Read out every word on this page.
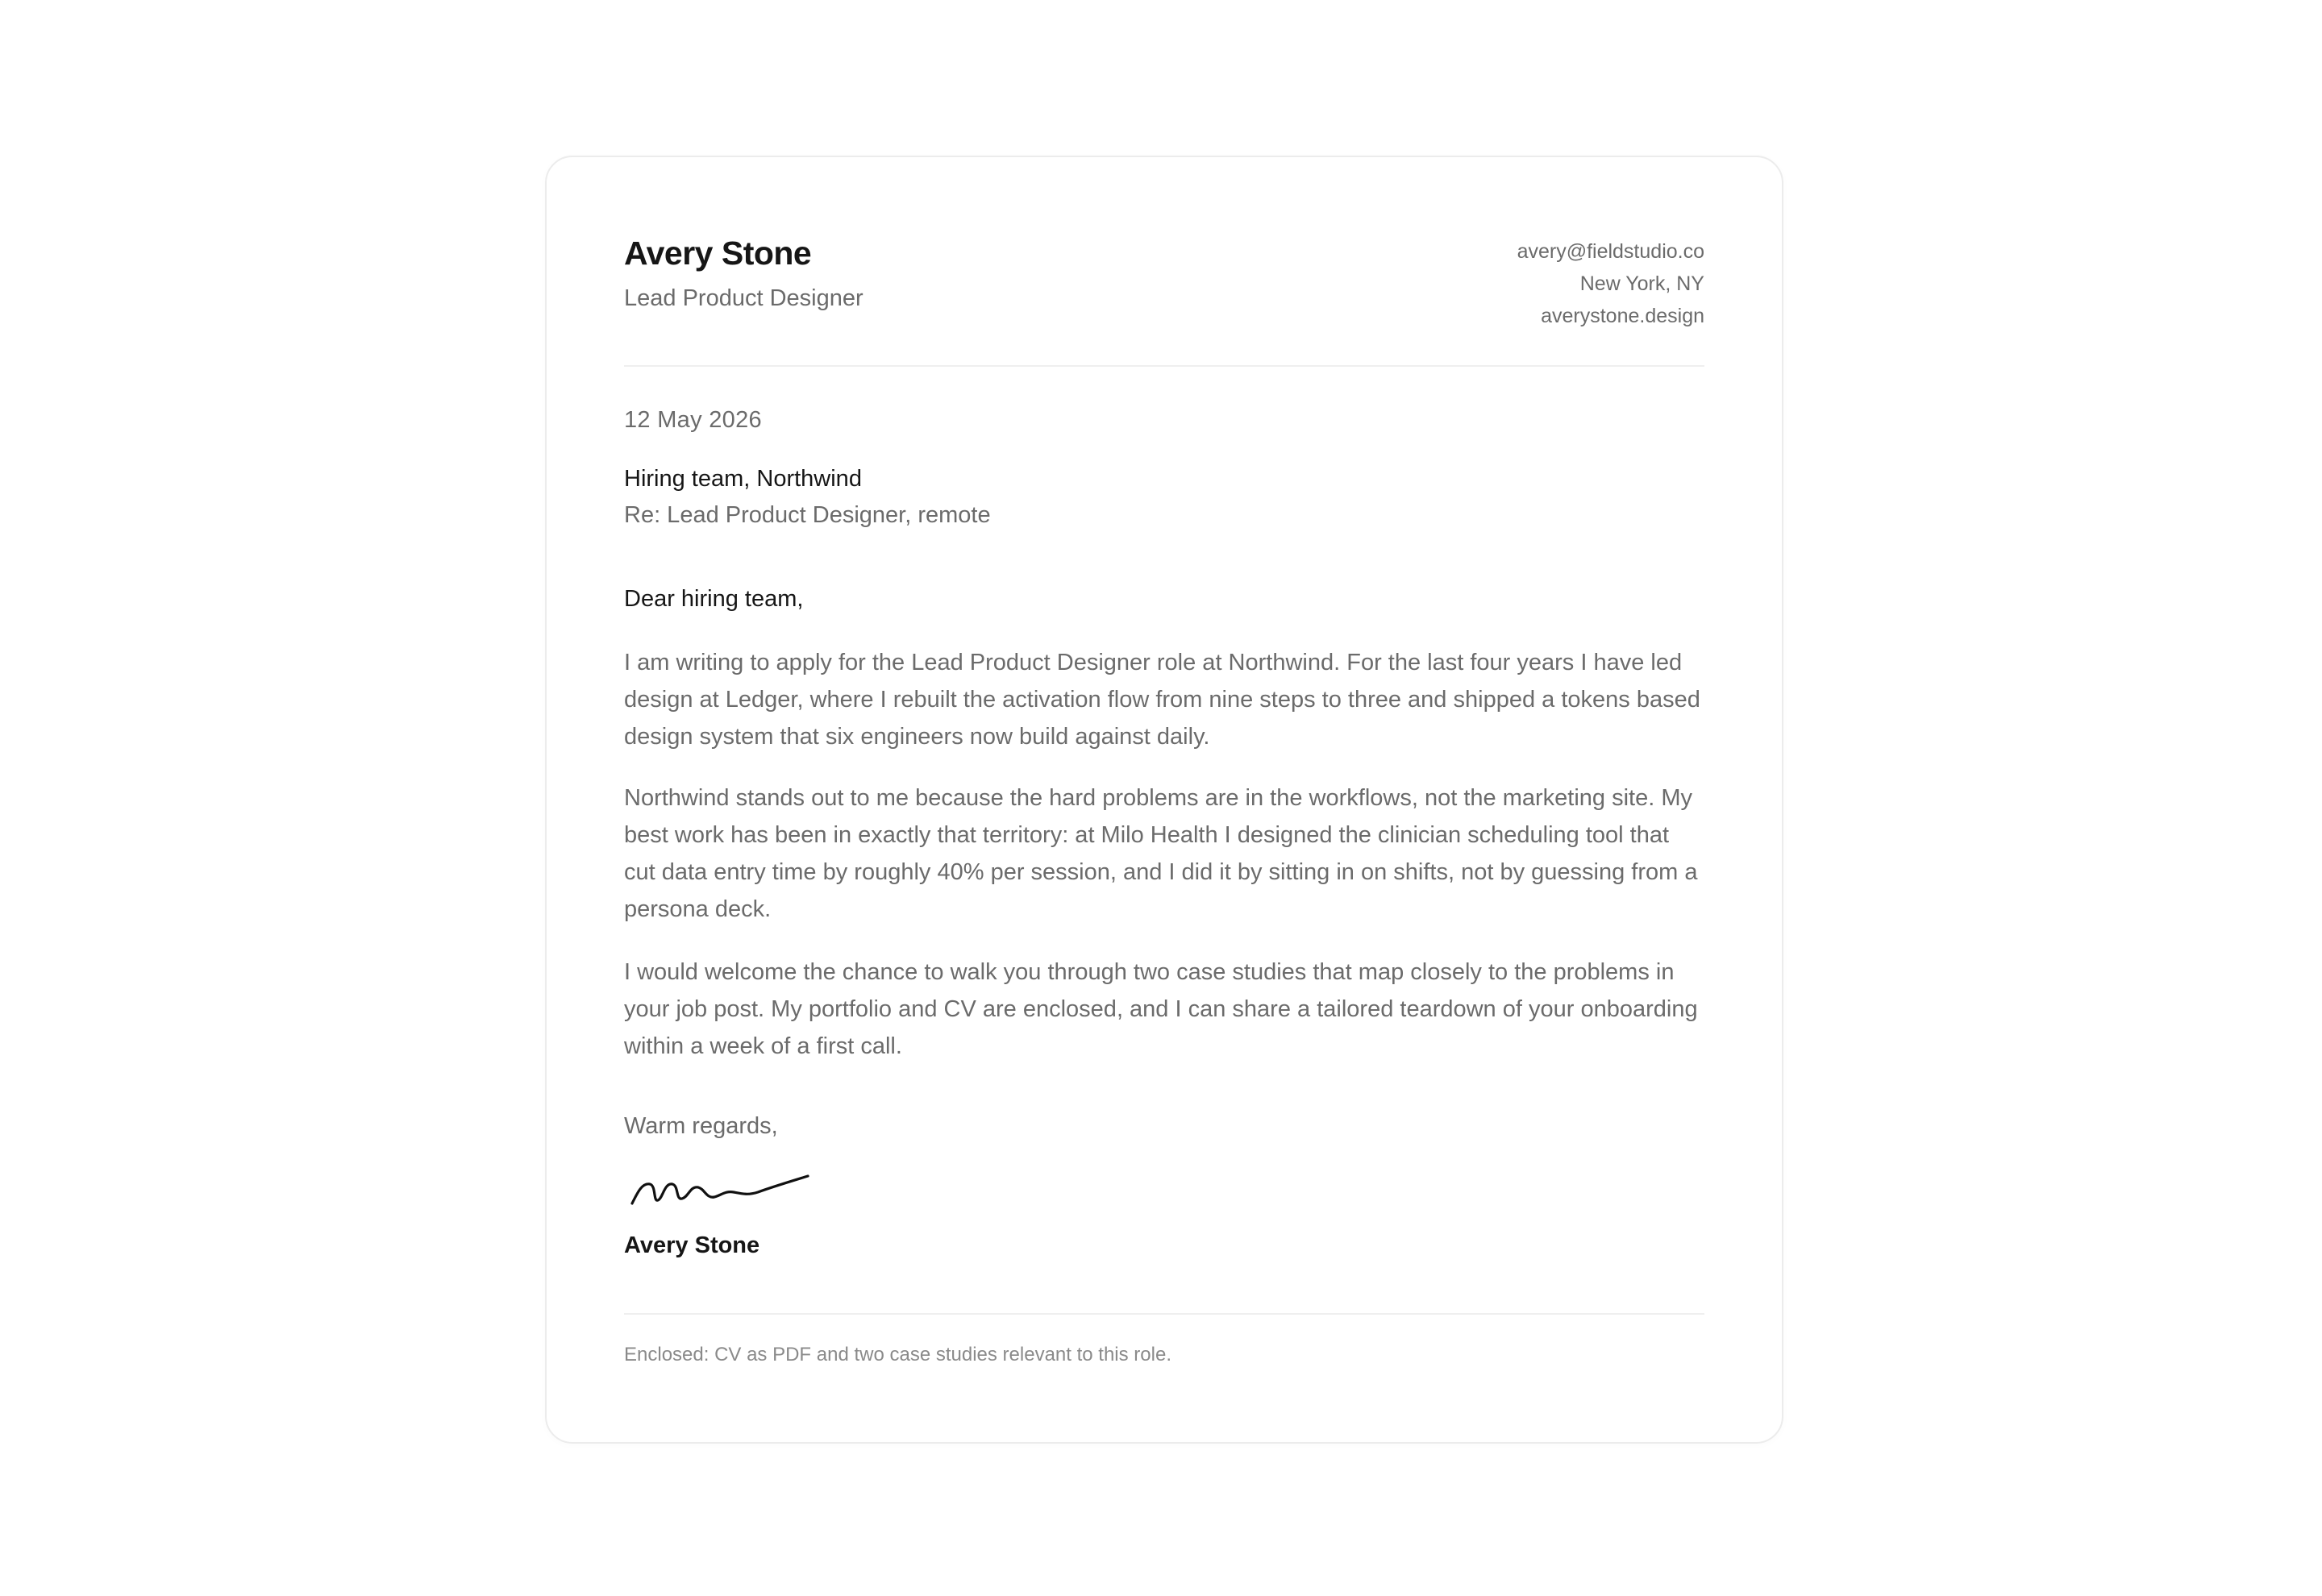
Avery Stone
Lead Product Designer
avery@fieldstudio.co
New York, NY
averystone.design
12 May 2026
Hiring team, Northwind
Re: Lead Product Designer, remote
Dear hiring team,

I am writing to apply for the Lead Product Designer role at Northwind. For the last four years I have led design at Ledger, where I rebuilt the activation flow from nine steps to three and shipped a tokens based design system that six engineers now build against daily.

Northwind stands out to me because the hard problems are in the workflows, not the marketing site. My best work has been in exactly that territory: at Milo Health I designed the clinician scheduling tool that cut data entry time by roughly 40% per session, and I did it by sitting in on shifts, not by guessing from a persona deck.

I would welcome the chance to walk you through two case studies that map closely to the problems in your job post. My portfolio and CV are enclosed, and I can share a tailored teardown of your onboarding within a week of a first call.

Warm regards,
Avery Stone
Enclosed: CV as PDF and two case studies relevant to this role.
